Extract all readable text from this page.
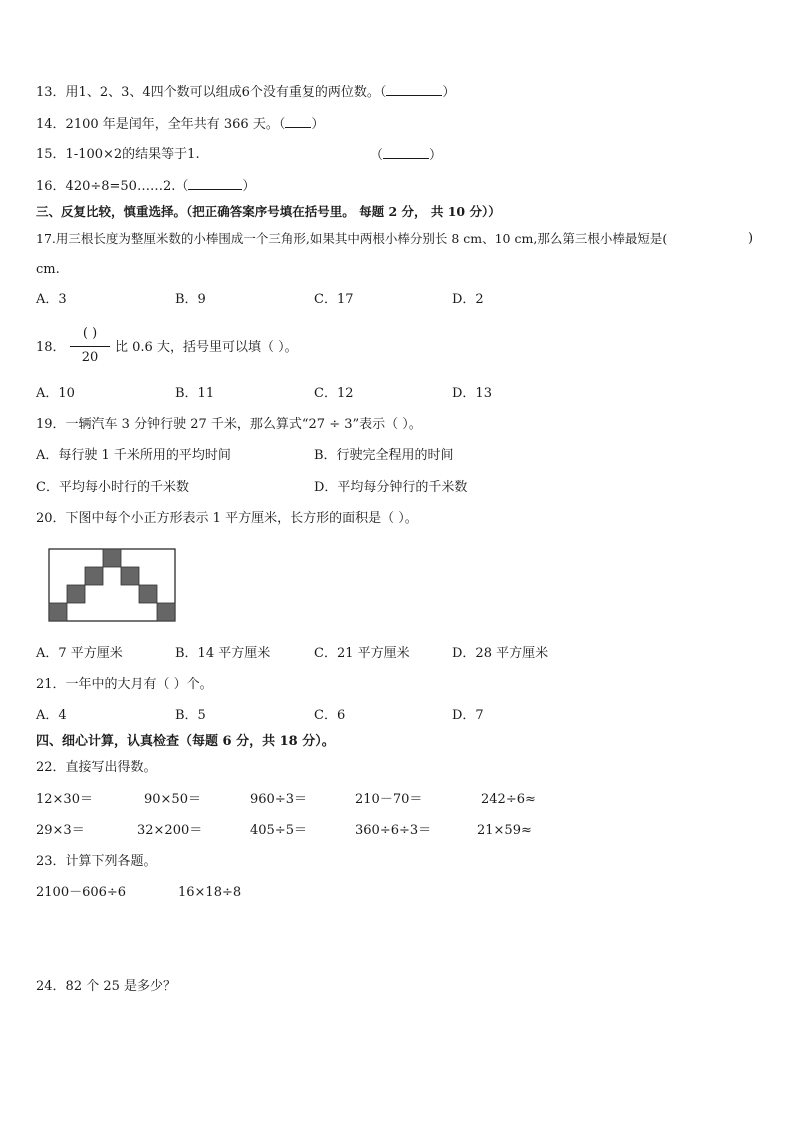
13．用1、2、3、4四个数可以组成6个没有重复的两位数。（	）
14．2100 年是闰年，全年共有 366 天。（ ）
15．1-100×2的结果等于1.	（	）
16．420÷8=50……2.（	）
三、反复比较，慎重选择。（把正确答案序号填在括号里。 每题 2 分， 共 10 分））
17.用三根长度为整厘米数的小棒围成一个三角形,如果其中两根小棒分别长 8 cm、10 cm,那么第三根小棒最短是(	)
cm.
A．3	B．9	C．17	D．2
18．
( )
20
比 0.6 大，括号里可以填（ ）。
A．10	B．11	C．12	D．13
19．一辆汽车 3 分钟行驶 27 千米，那么算式“27 ÷ 3”表示（ ）。
A．每行驶 1 千米所用的平均时间	B．行驶完全程用的时间
C．平均每小时行的千米数	D．平均每分钟行的千米数
20．下图中每个小正方形表示 1 平方厘米，长方形的面积是（ ）。
A．7 平方厘米	B．14 平方厘米	C．21 平方厘米	D．28 平方厘米
21．一年中的大月有（ ）个。
A．4	B．5	C．6	D．7
四、细心计算，认真检查（每题 6 分，共 18 分）。
22．直接写出得数。
12×30＝	90×50＝	960÷3＝	210－70＝	242÷6≈
29×3＝	32×200＝	405÷5＝	360÷6÷3＝	21×59≈
23．计算下列各题。
2100－606÷6	16×18÷8
24．82 个 25 是多少？
